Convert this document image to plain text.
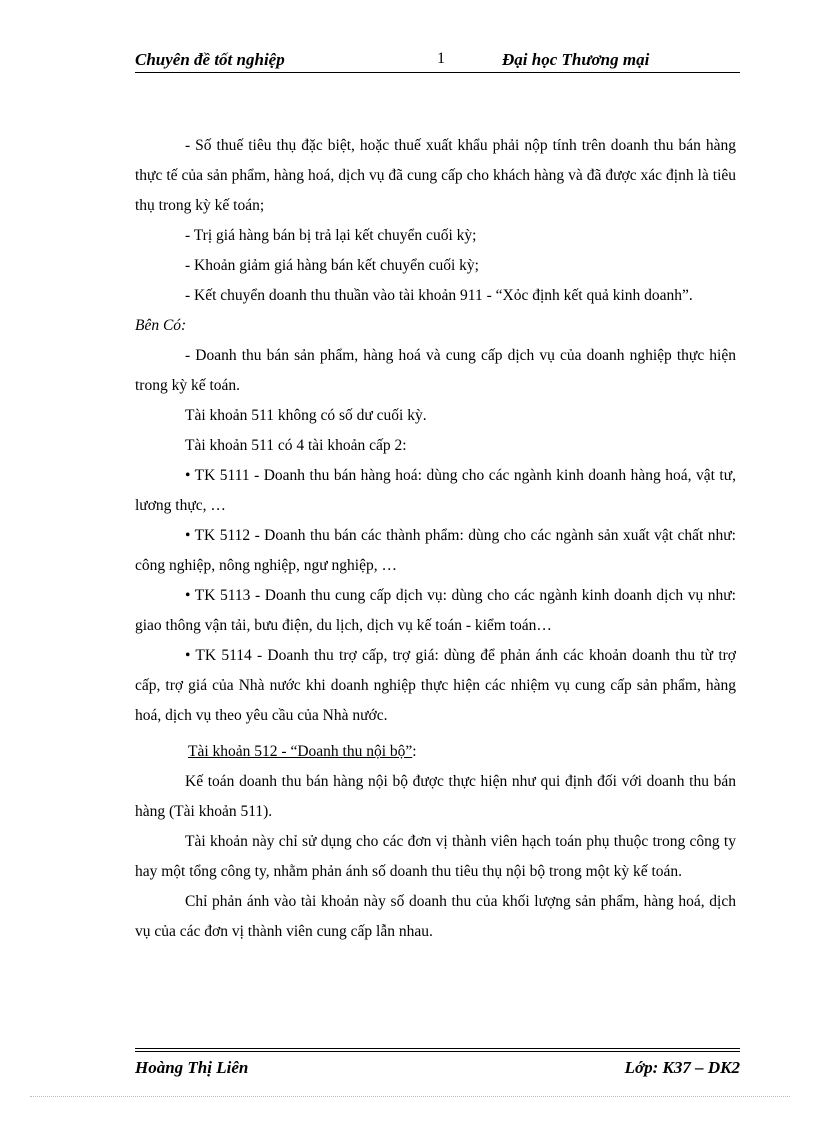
Chuyên đề tốt nghiệp	1	Đại học Thương mại

- Số thuế tiêu thụ đặc biệt, hoặc thuế xuất khẩu phải nộp tính trên doanh thu bán hàng thực tế của sản phẩm, hàng hoá, dịch vụ đã cung cấp cho khách hàng và đã được xác định là tiêu thụ trong kỳ kế toán;

- Trị giá hàng bán bị trả lại kết chuyển cuối kỳ;

- Khoản giảm giá hàng bán kết chuyển cuối kỳ;

- Kết chuyển doanh thu thuần vào tài khoản 911 - “Xỏc định kết quả kinh doanh”.

Bên Có:

- Doanh thu bán sản phẩm, hàng hoá và cung cấp dịch vụ của doanh nghiệp thực hiện trong kỳ kế toán.

Tài khoản 511 không có số dư cuối kỳ.

Tài khoản 511 có 4 tài khoản cấp 2:

• TK 5111 - Doanh thu bán hàng hoá: dùng cho các ngành kinh doanh hàng hoá, vật tư, lương thực, …

• TK 5112 - Doanh thu bán các thành phẩm: dùng cho các ngành sản xuất vật chất như: công nghiệp, nông nghiệp, ngư nghiệp, …

• TK 5113 - Doanh thu cung cấp dịch vụ: dùng cho các ngành kinh doanh dịch vụ như: giao thông vận tải, bưu điện, du lịch, dịch vụ kế toán - kiểm toán…

• TK 5114 - Doanh thu trợ cấp, trợ giá: dùng để phản ánh các khoản doanh thu từ trợ cấp, trợ giá của Nhà nước khi doanh nghiệp thực hiện các nhiệm vụ cung cấp sản phẩm, hàng hoá, dịch vụ theo yêu cầu của Nhà nước.

Tài khoản 512 - “Doanh thu nội bộ”:

Kế toán doanh thu bán hàng nội bộ được thực hiện như qui định đối với doanh thu bán hàng (Tài khoản 511).

Tài khoản này chỉ sử dụng cho các đơn vị thành viên hạch toán phụ thuộc trong công ty hay một tổng công ty, nhằm phản ánh số doanh thu tiêu thụ nội bộ trong một kỳ kế toán.

Chỉ phản ánh vào tài khoản này số doanh thu của khối lượng sản phẩm, hàng hoá, dịch vụ của các đơn vị thành viên cung cấp lẫn nhau.

Hoàng Thị Liên	Lớp: K37 – DK2
